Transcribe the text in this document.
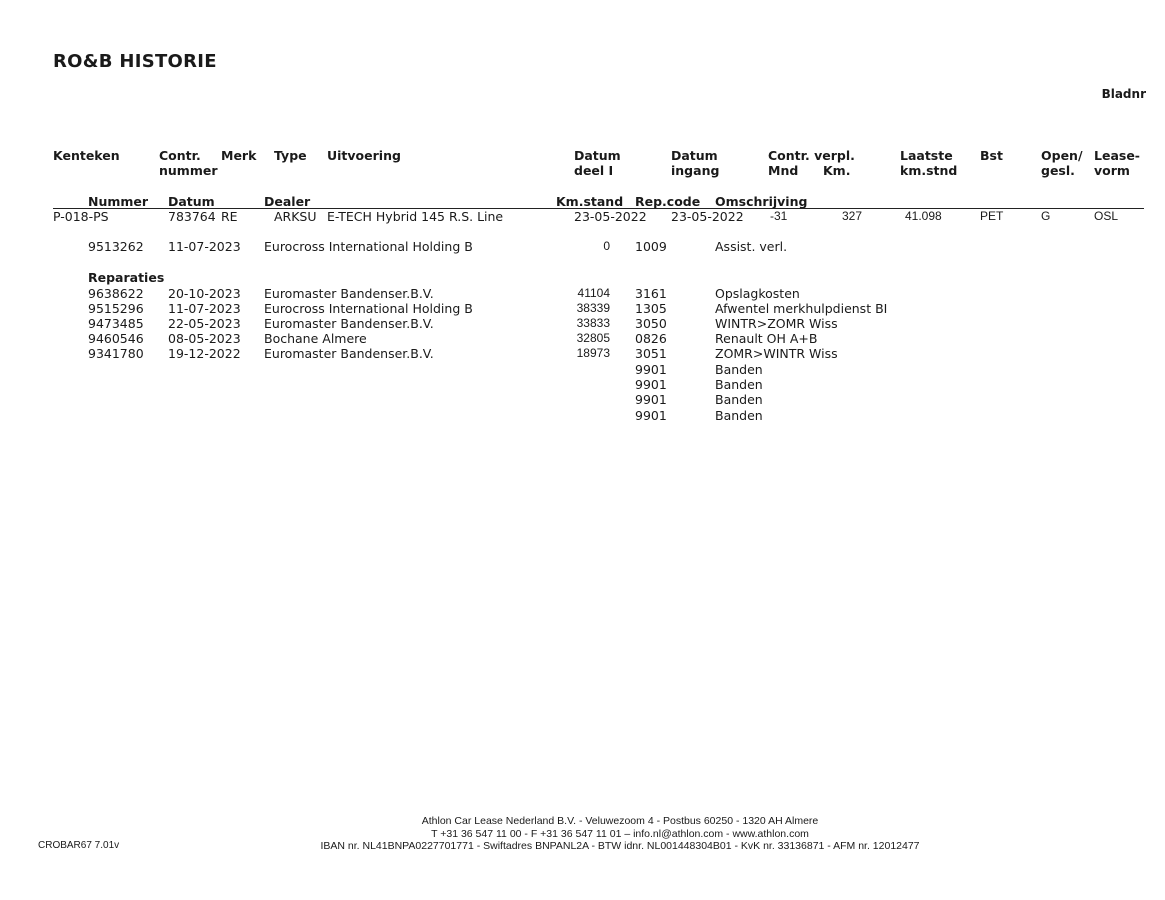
RO&B HISTORIE
Bladnr
Kenteken	Contr.
nummer
Merk Type Uitvoering	Datum
deel I
Datum
ingang
Contr. verpl.
Mnd Km.
Laatste
km.stnd
Bst	Open/
gesl.
Lease-
vorm
Nummer Datum	Dealer	Km.stand Rep.code Omschrijving
P-018-PS	783764 RE	ARKSU E-TECH Hybrid 145 R.S. Line	23-05-2022 23-05-2022 -31	327	41.098	PET	G	OSL
9513262 11-07-2023 Eurocross International Holding B	0 1009	Assist. verl.
Reparaties
9638622 20-10-2023 Euromaster Bandenser.B.V.	41104 3161	Opslagkosten
9515296 11-07-2023 Eurocross International Holding B	38339 1305	Afwentel merkhulpdienst BI
9473485 22-05-2023 Euromaster Bandenser.B.V.	33833 3050	WINTR>ZOMR Wiss
9460546 08-05-2023 Bochane Almere	32805 0826	Renault OH A+B
9341780 19-12-2022 Euromaster Bandenser.B.V.	18973 3051	ZOMR>WINTR Wiss
9901	Banden
9901	Banden
9901	Banden
9901	Banden
Athlon Car Lease Nederland B.V. - Veluwezoom 4 - Postbus 60250 - 1320 AH Almere
T +31 36 547 11 00 - F +31 36 547 11 01 – info.nl@athlon.com - www.athlon.com
IBAN nr. NL41BNPA0227701771 - Swiftadres BNPANL2A - BTW idnr. NL001448304B01 - KvK nr. 33136871 - AFM nr. 12012477
CROBAR67 7.01v
